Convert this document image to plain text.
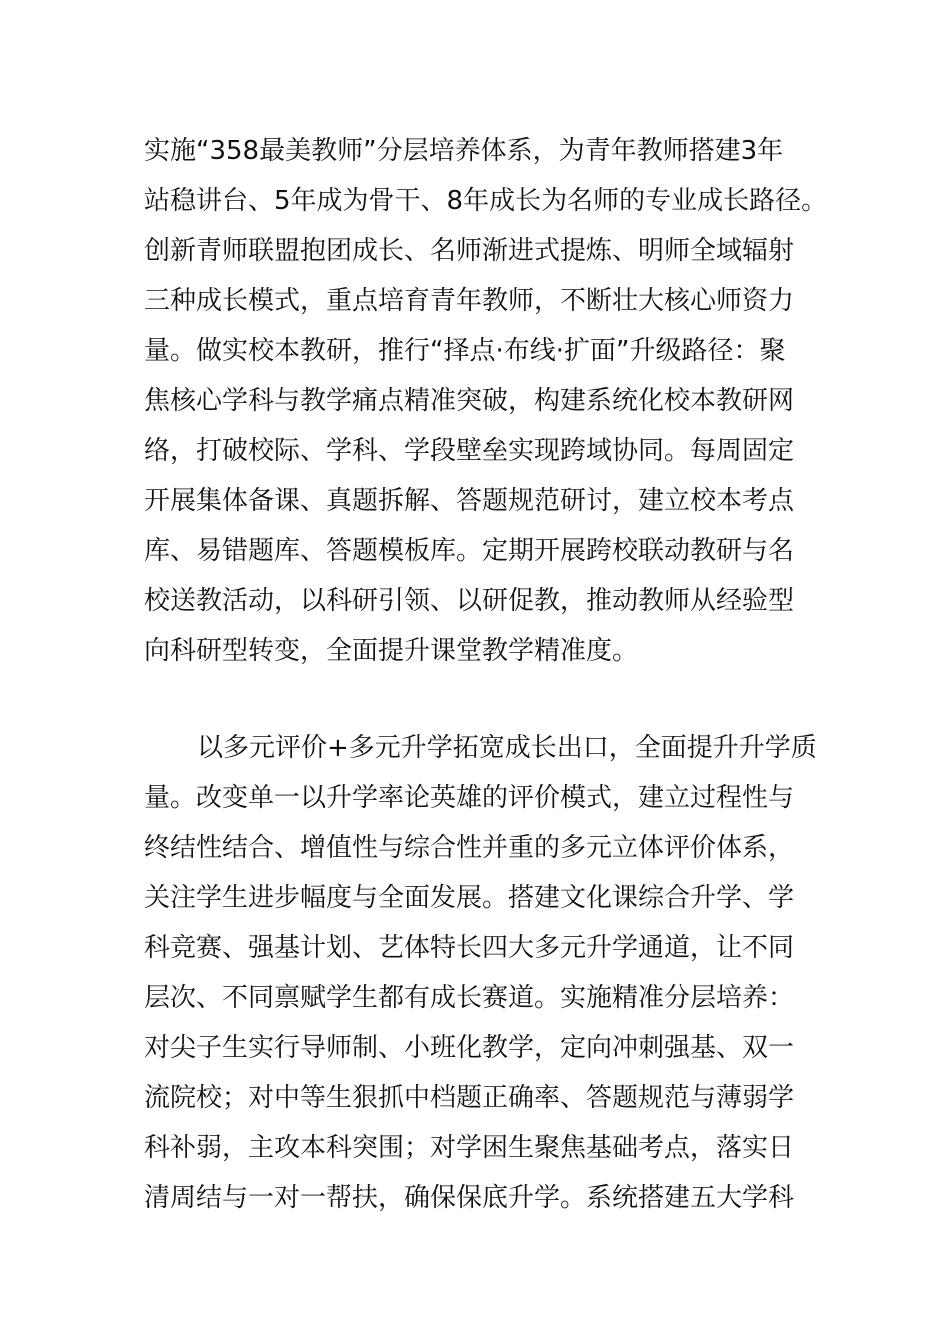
实施“358最美教师”分层培养体系，为青年教师搭建3年
站稳讲台、5年成为骨干、8年成长为名师的专业成长路径。
创新青师联盟抱团成长、名师渐进式提炼、明师全域辐射
三种成长模式，重点培育青年教师，不断壮大核心师资力
量。做实校本教研，推行“择点·布线·扩面”升级路径：聚
焦核心学科与教学痛点精准突破，构建系统化校本教研网
络，打破校际、学科、学段壁垒实现跨域协同。每周固定
开展集体备课、真题拆解、答题规范研讨，建立校本考点
库、易错题库、答题模板库。定期开展跨校联动教研与名
校送教活动，以科研引领、以研促教，推动教师从经验型
向科研型转变，全面提升课堂教学精准度。
以多元评价+多元升学拓宽成长出口，全面提升升学质
量。改变单一以升学率论英雄的评价模式，建立过程性与
终结性结合、增值性与综合性并重的多元立体评价体系，
关注学生进步幅度与全面发展。搭建文化课综合升学、学
科竞赛、强基计划、艺体特长四大多元升学通道，让不同
层次、不同禀赋学生都有成长赛道。实施精准分层培养：
对尖子生实行导师制、小班化教学，定向冲刺强基、双一
流院校；对中等生狠抓中档题正确率、答题规范与薄弱学
科补弱，主攻本科突围；对学困生聚焦基础考点，落实日
清周结与一对一帮扶，确保保底升学。系统搭建五大学科
